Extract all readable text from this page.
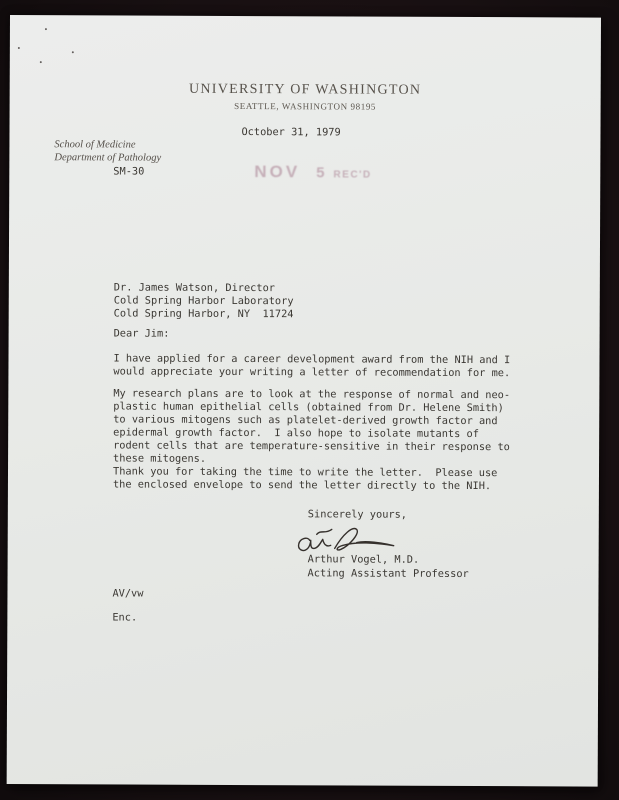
UNIVERSITY OF WASHINGTON
SEATTLE, WASHINGTON 98195
October 31, 1979
School of Medicine
Department of Pathology
SM-30	NOV 5 REC'D
Dr. James Watson, Director
Cold Spring Harbor Laboratory
Cold Spring Harbor, NY  11724
Dear Jim:
I have applied for a career development award from the NIH and I
would appreciate your writing a letter of recommendation for me.
My research plans are to look at the response of normal and neo-
plastic human epithelial cells (obtained from Dr. Helene Smith)
to various mitogens such as platelet-derived growth factor and
epidermal growth factor.  I also hope to isolate mutants of
rodent cells that are temperature-sensitive in their response to
these mitogens.
Thank you for taking the time to write the letter.  Please use
the enclosed envelope to send the letter directly to the NIH.
Sincerely yours,
Arthur Vogel, M.D.
Acting Assistant Professor
AV/vw
Enc.
